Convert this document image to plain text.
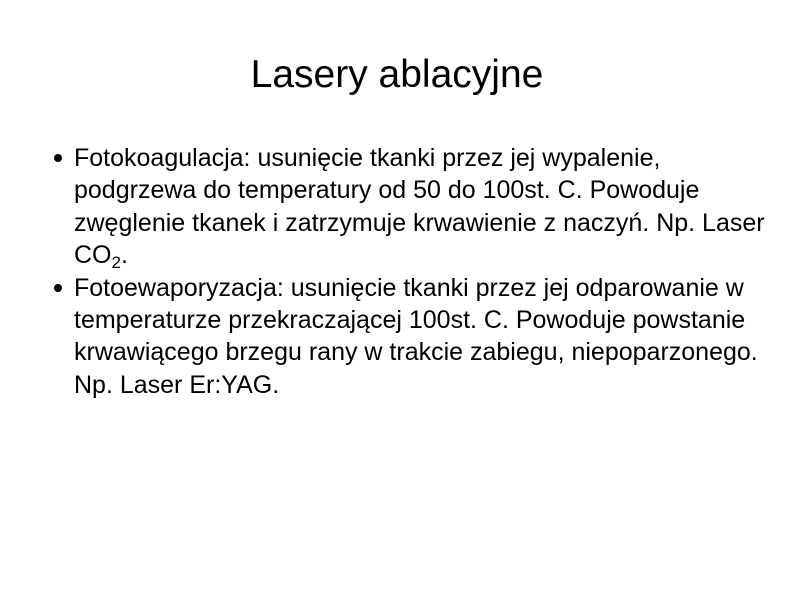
Lasery ablacyjne
Fotokoagulacja: usunięcie tkanki przez jej wypalenie, podgrzewa do temperatury od 50 do 100st. C. Powoduje zwęglenie tkanek i zatrzymuje krwawienie z naczyń. Np. Laser $CO_2$.
Fotoewaporyzacja: usunięcie tkanki przez jej odparowanie w temperaturze przekraczającej 100st. C. Powoduje powstanie krwawiącego brzegu rany w trakcie zabiegu, niepoparzonego. Np. Laser Er:YAG.
